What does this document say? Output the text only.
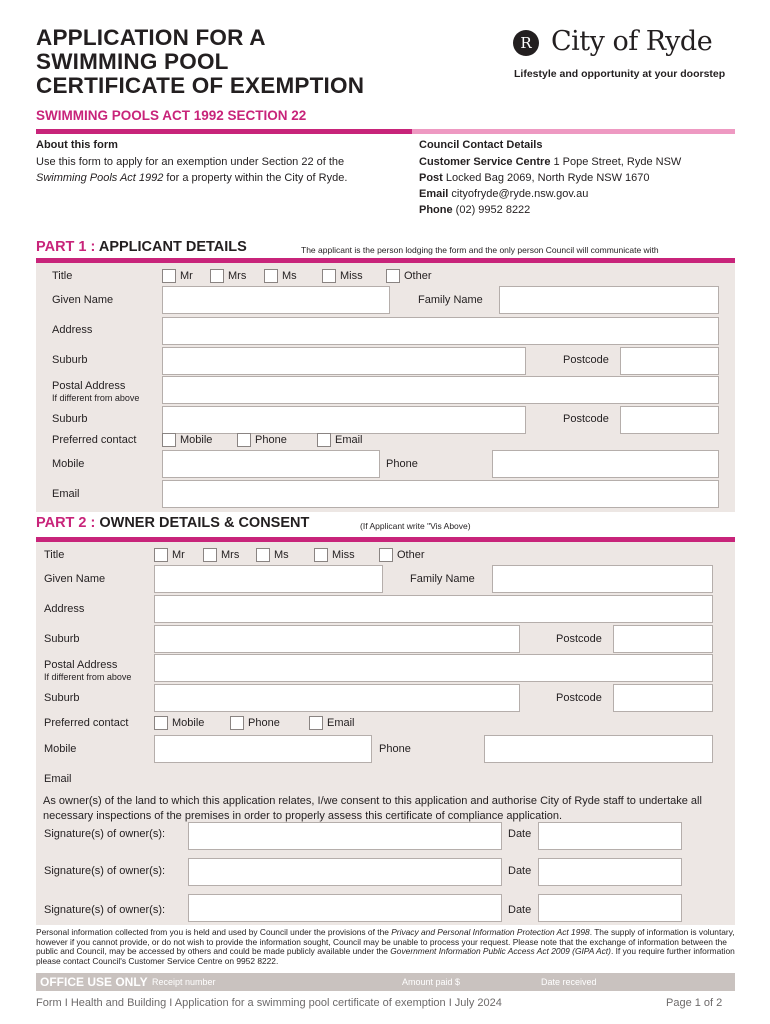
APPLICATION FOR A
SWIMMING POOL
CERTIFICATE OF EXEMPTION
SWIMMING POOLS ACT 1992 SECTION 22
R City of Ryde
Lifestyle and opportunity at your doorstep
About this form
Use this form to apply for an exemption under Section 22 of the Swimming Pools Act 1992 for a property within the City of Ryde.
Council Contact Details
Customer Service Centre 1 Pope Street, Ryde NSW
Post Locked Bag 2069, North Ryde NSW 1670
Email cityofryde@ryde.nsw.gov.au
Phone (02) 9952 8222
PART 1 : APPLICANT DETAILS	The applicant is the person lodging the form and the only person Council will communicate with
Title	Mr	Mrs	Ms	Miss	Other
Given Name	Family Name
Address
Suburb	Postcode
Postal Address
If different from above
Suburb	Postcode
Preferred contact	Mobile	Phone	Email
Mobile	Phone
Email
PART 2 : OWNER DETAILS & CONSENT	(If Applicant write "Vis Above)
Title	Mr	Mrs	Ms	Miss	Other
Given Name	Family Name
Address
Suburb	Postcode
Postal Address
If different from above
Suburb	Postcode
Preferred contact	Mobile	Phone	Email
Mobile	Phone
Email
As owner(s) of the land to which this application relates, I/we consent to this application and authorise City of Ryde staff to undertake all necessary inspections of the premises in order to properly assess this certificate of compliance application.
Signature(s) of owner(s):	Date
Signature(s) of owner(s):	Date
Signature(s) of owner(s):	Date
Personal information collected from you is held and used by Council under the provisions of the Privacy and Personal Information Protection Act 1998. The supply of information is voluntary, however if you cannot provide, or do not wish to provide the information sought, Council may be unable to process your request. Please note that the exchange of information between the public and Council, may be accessed by others and could be made publicly available under the Government Information Public Access Act 2009 (GIPA Act). If you require further information please contact Council's Customer Service Centre on 9952 8222.
OFFICE USE ONLY Receipt number	Amount paid $	Date received
Form I Health and Building I Application for a swimming pool certificate of exemption I July 2024	Page 1 of 2
